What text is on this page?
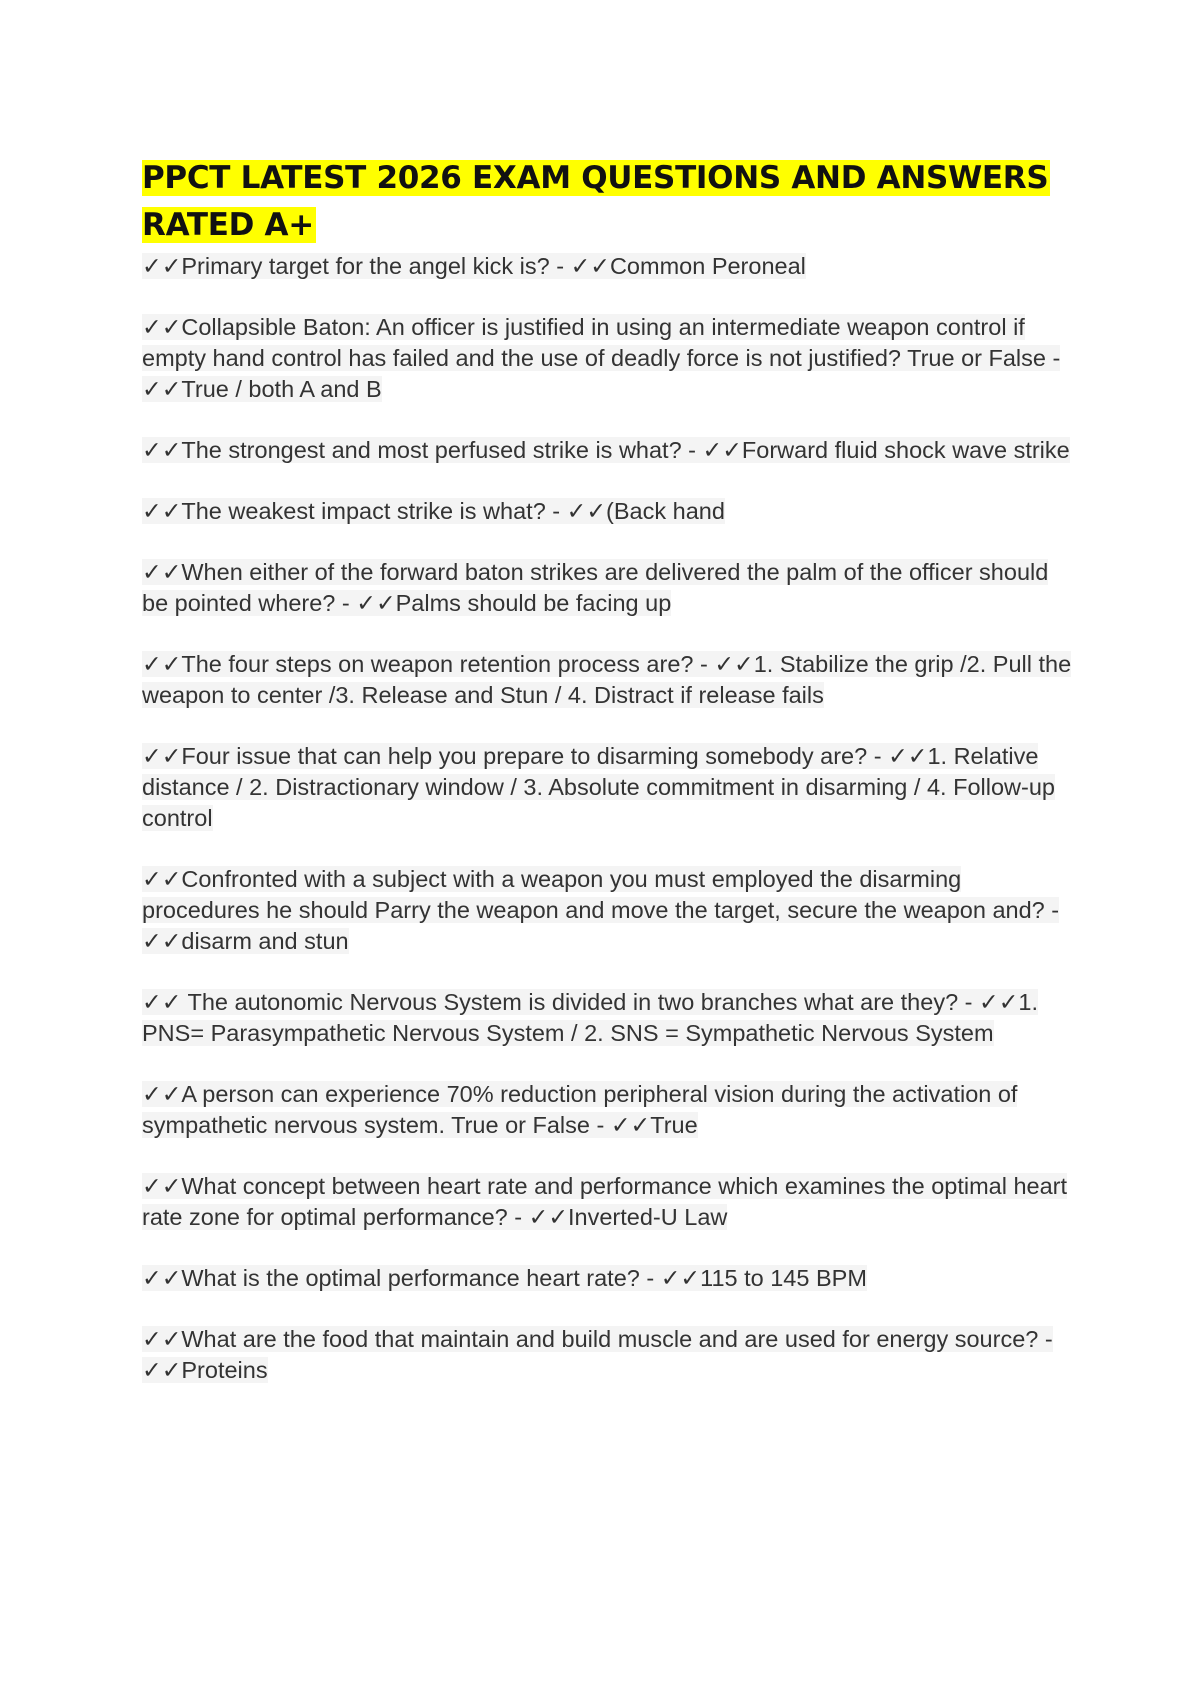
PPCT LATEST 2026 EXAM QUESTIONS AND ANSWERS RATED A+

✓✓Primary target for the angel kick is? - ✓✓Common Peroneal

✓✓Collapsible Baton: An officer is justified in using an intermediate weapon control if empty hand control has failed and the use of deadly force is not justified? True or False - ✓✓True / both A and B

✓✓The strongest and most perfused strike is what? - ✓✓Forward fluid shock wave strike

✓✓The weakest impact strike is what? - ✓✓(Back hand

✓✓When either of the forward baton strikes are delivered the palm of the officer should be pointed where? - ✓✓Palms should be facing up

✓✓The four steps on weapon retention process are? - ✓✓1. Stabilize the grip /2. Pull the weapon to center /3. Release and Stun / 4. Distract if release fails

✓✓Four issue that can help you prepare to disarming somebody are? - ✓✓1. Relative distance / 2. Distractionary window / 3. Absolute commitment in disarming / 4. Follow-up control

✓✓Confronted with a subject with a weapon you must employed the disarming procedures he should Parry the weapon and move the target, secure the weapon and? - ✓✓disarm and stun

✓✓ The autonomic Nervous System is divided in two branches what are they? - ✓✓1. PNS= Parasympathetic Nervous System / 2. SNS = Sympathetic Nervous System

✓✓A person can experience 70% reduction peripheral vision during the activation of sympathetic nervous system. True or False - ✓✓True

✓✓What concept between heart rate and performance which examines the optimal heart rate zone for optimal performance? - ✓✓Inverted-U Law

✓✓What is the optimal performance heart rate? - ✓✓115 to 145 BPM

✓✓What are the food that maintain and build muscle and are used for energy source? - ✓✓Proteins
